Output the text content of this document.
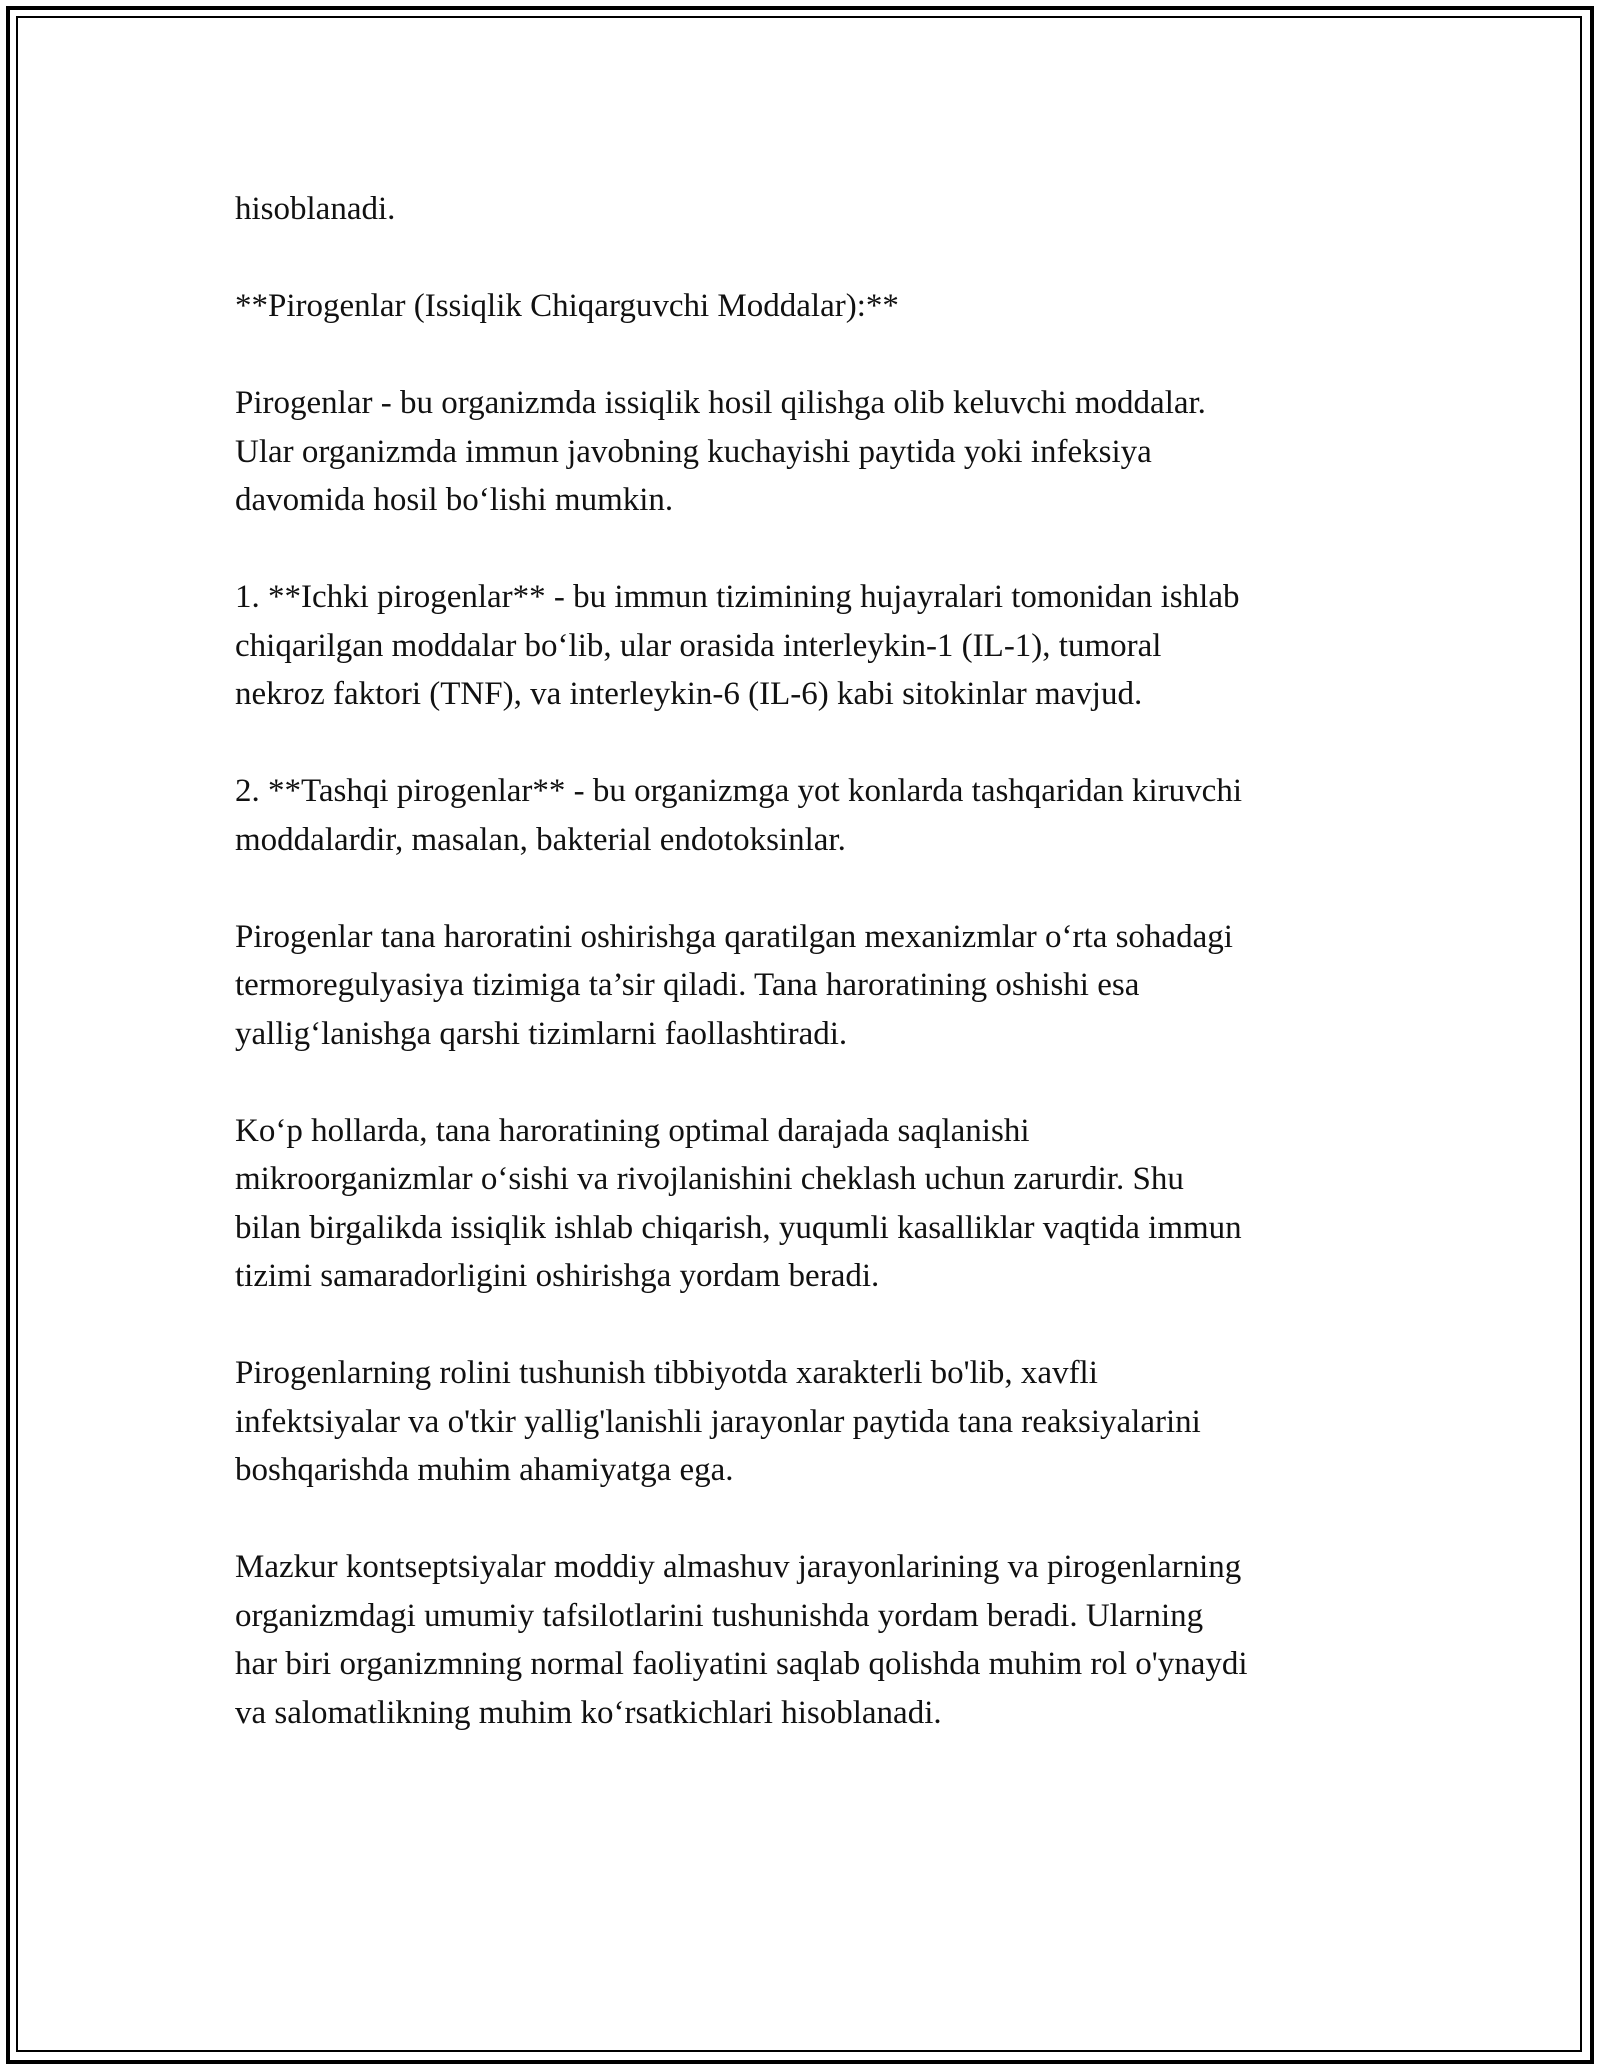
hisoblanadi.

**Pirogenlar (Issiqlik Chiqarguvchi Moddalar):**

Pirogenlar - bu organizmda issiqlik hosil qilishga olib keluvchi moddalar.
Ular organizmda immun javobning kuchayishi paytida yoki infeksiya
davomida hosil bo‘lishi mumkin.

1. **Ichki pirogenlar** - bu immun tizimining hujayralari tomonidan ishlab
chiqarilgan moddalar bo‘lib, ular orasida interleykin-1 (IL-1), tumoral
nekroz faktori (TNF), va interleykin-6 (IL-6) kabi sitokinlar mavjud.

2. **Tashqi pirogenlar** - bu organizmga yot konlarda tashqaridan kiruvchi
moddalardir, masalan, bakterial endotoksinlar.

Pirogenlar tana haroratini oshirishga qaratilgan mexanizmlar o‘rta sohadagi
termoregulyasiya tizimiga ta’sir qiladi. Tana haroratining oshishi esa
yallig‘lanishga qarshi tizimlarni faollashtiradi.

Ko‘p hollarda, tana haroratining optimal darajada saqlanishi
mikroorganizmlar o‘sishi va rivojlanishini cheklash uchun zarurdir. Shu
bilan birgalikda issiqlik ishlab chiqarish, yuqumli kasalliklar vaqtida immun
tizimi samaradorligini oshirishga yordam beradi.

Pirogenlarning rolini tushunish tibbiyotda xarakterli bo'lib, xavfli
infektsiyalar va o'tkir yallig'lanishli jarayonlar paytida tana reaksiyalarini
boshqarishda muhim ahamiyatga ega.

Mazkur kontseptsiyalar moddiy almashuv jarayonlarining va pirogenlarning
organizmdagi umumiy tafsilotlarini tushunishda yordam beradi. Ularning
har biri organizmning normal faoliyatini saqlab qolishda muhim rol o'ynaydi
va salomatlikning muhim ko‘rsatkichlari hisoblanadi.
